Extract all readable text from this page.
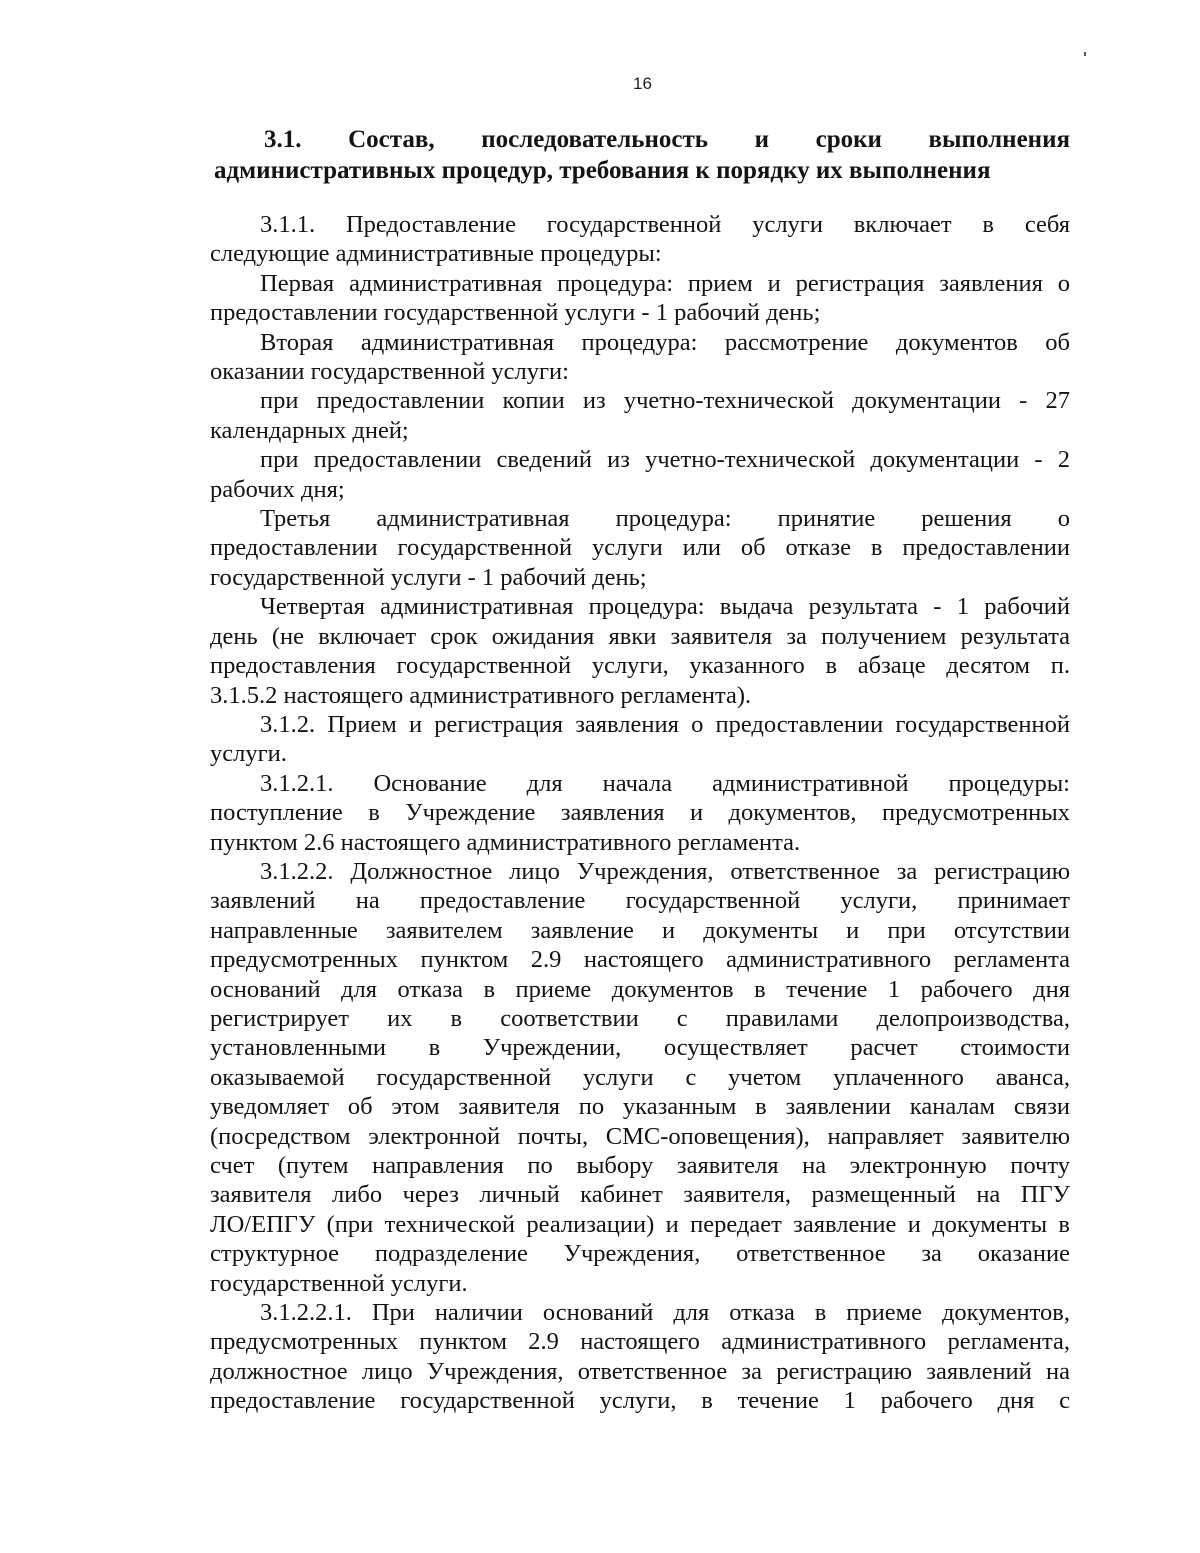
16
3.1. Состав, последовательность и сроки выполнения
административных процедур, требования к порядку их выполнения

3.1.1. Предоставление государственной услуги включает в себя
следующие административные процедуры:

Первая административная процедура: прием и регистрация заявления о
предоставлении государственной услуги - 1 рабочий день;

Вторая административная процедура: рассмотрение документов об
оказании государственной услуги:

при предоставлении копии из учетно-технической документации - 27
календарных дней;

при предоставлении сведений из учетно-технической документации - 2
рабочих дня;

Третья административная процедура: принятие решения о
предоставлении государственной услуги или об отказе в предоставлении
государственной услуги - 1 рабочий день;

Четвертая административная процедура: выдача результата - 1 рабочий
день (не включает срок ожидания явки заявителя за получением результата
предоставления государственной услуги, указанного в абзаце десятом п.
3.1.5.2 настоящего административного регламента).

3.1.2. Прием и регистрация заявления о предоставлении государственной
услуги.

3.1.2.1. Основание для начала административной процедуры:
поступление в Учреждение заявления и документов, предусмотренных
пунктом 2.6 настоящего административного регламента.

3.1.2.2. Должностное лицо Учреждения, ответственное за регистрацию
заявлений на предоставление государственной услуги, принимает
направленные заявителем заявление и документы и при отсутствии
предусмотренных пунктом 2.9 настоящего административного регламента
оснований для отказа в приеме документов в течение 1 рабочего дня
регистрирует их в соответствии с правилами делопроизводства,
установленными в Учреждении, осуществляет расчет стоимости
оказываемой государственной услуги с учетом уплаченного аванса,
уведомляет об этом заявителя по указанным в заявлении каналам связи
(посредством электронной почты, СМС-оповещения), направляет заявителю
счет (путем направления по выбору заявителя на электронную почту
заявителя либо через личный кабинет заявителя, размещенный на ПГУ
ЛО/ЕПГУ (при технической реализации) и передает заявление и документы в
структурное подразделение Учреждения, ответственное за оказание
государственной услуги.

3.1.2.2.1. При наличии оснований для отказа в приеме документов,
предусмотренных пунктом 2.9 настоящего административного регламента,
должностное лицо Учреждения, ответственное за регистрацию заявлений на
предоставление государственной услуги, в течение 1 рабочего дня с
